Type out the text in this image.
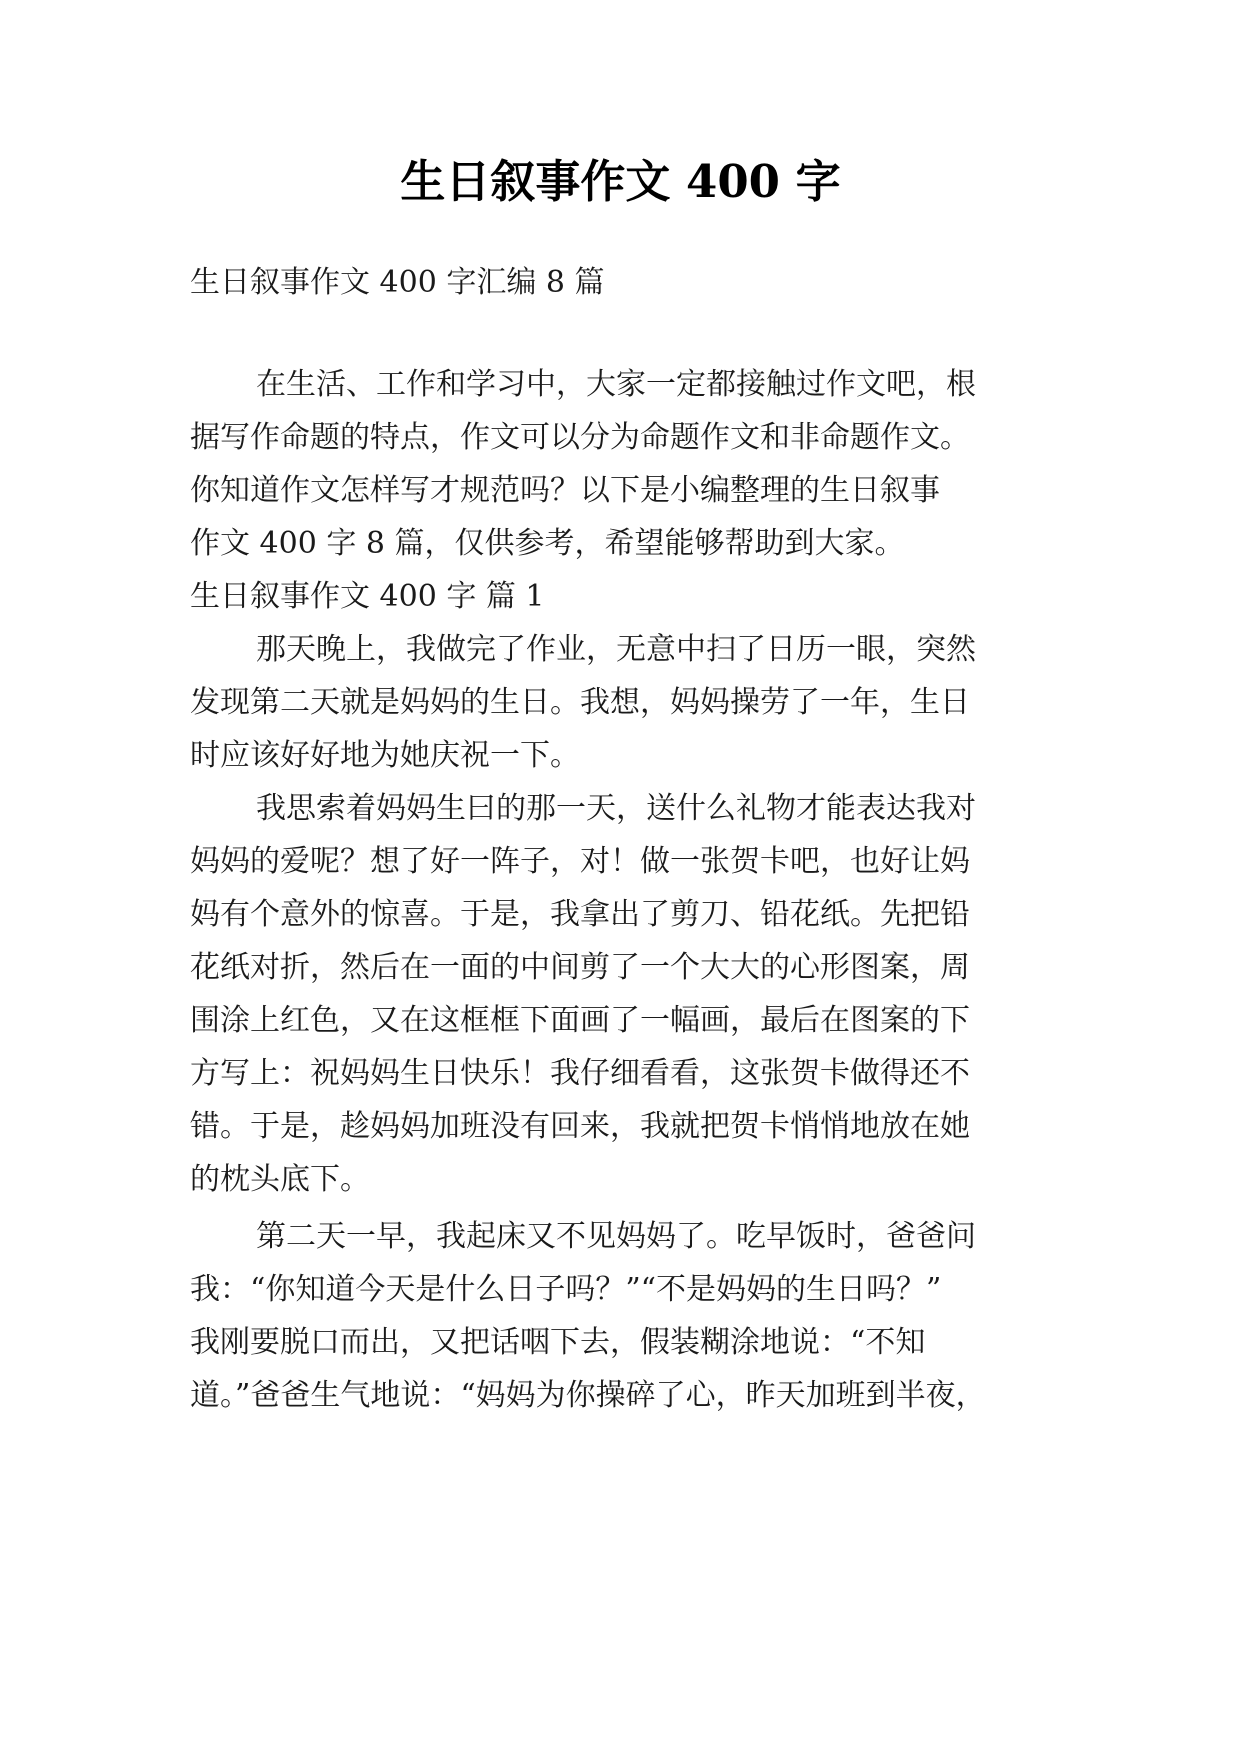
生日叙事作文 400 字

生日叙事作文 400 字汇编 8 篇

在生活、工作和学习中，大家一定都接触过作文吧，根

据写作命题的特点，作文可以分为命题作文和非命题作文。

你知道作文怎样写才规范吗？以下是小编整理的生日叙事

作文 400 字 8 篇，仅供参考，希望能够帮助到大家。

生日叙事作文 400 字 篇 1

那天晚上，我做完了作业，无意中扫了日历一眼，突然

发现第二天就是妈妈的生日。我想，妈妈操劳了一年，生日

时应该好好地为她庆祝一下。

我思索着妈妈生曰的那一天，送什么礼物才能表达我对

妈妈的爱呢？想了好一阵子，对！做一张贺卡吧，也好让妈

妈有个意外的惊喜。于是，我拿出了剪刀、铅花纸。先把铅

花纸对折，然后在一面的中间剪了一个大大的心形图案，周

围涂上红色，又在这框框下面画了一幅画，最后在图案的下

方写上：祝妈妈生日快乐！我仔细看看，这张贺卡做得还不

错。于是，趁妈妈加班没有回来，我就把贺卡悄悄地放在她

的枕头底下。

第二天一早，我起床又不见妈妈了。吃早饭时，爸爸问

我：“你知道今天是什么日子吗？”“不是妈妈的生日吗？”

我刚要脱口而出，又把话咽下去，假装糊涂地说：“不知

道。”爸爸生气地说：“妈妈为你操碎了心，昨天加班到半夜，
